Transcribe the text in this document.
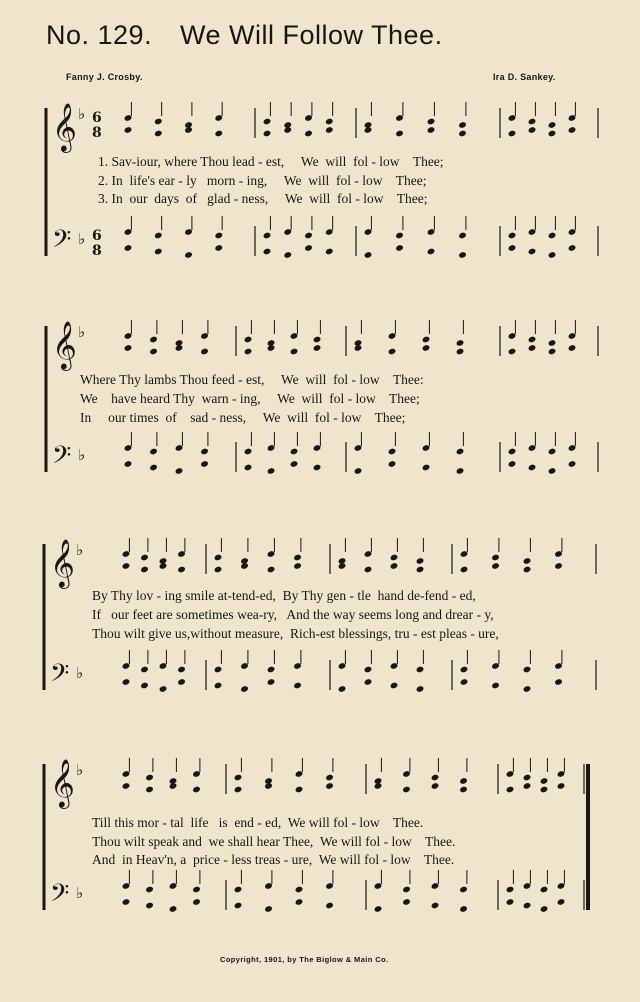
No. 129. We Will Follow Thee.
Fanny J. Crosby.	Ira D. Sankey.
𝄞 6
8
♭
𝄢 6
8
♭
𝄞 ♭
𝄢 ♭
𝄞 ♭
𝄢 ♭
𝄞 ♭
𝄢 ♭
1. Sav-iour, where Thou lead - est,     We  will  fol - low    Thee;
2. In  life's ear - ly   morn - ing,     We  will  fol - low    Thee;
3. In  our  days  of   glad - ness,     We  will  fol - low    Thee;
Where Thy lambs Thou feed - est,     We  will  fol - low    Thee:
We    have heard Thy  warn - ing,     We  will  fol - low    Thee;
In     our times  of    sad - ness,     We  will  fol - low    Thee;
By Thy lov - ing smile at-tend-ed,  By Thy gen - tle  hand de-fend - ed,
If   our feet are sometimes wea-ry,   And the way seems long and drear - y,
Thou wilt give us,without measure,  Rich-est blessings, tru - est pleas - ure,
Till this mor - tal  life   is  end - ed,  We will fol - low    Thee.
Thou wilt speak and  we shall hear Thee,  We will fol - low    Thee.
And  in Heav'n, a  price - less treas - ure,  We will fol - low    Thee.
Copyright, 1901, by The Biglow & Main Co.
